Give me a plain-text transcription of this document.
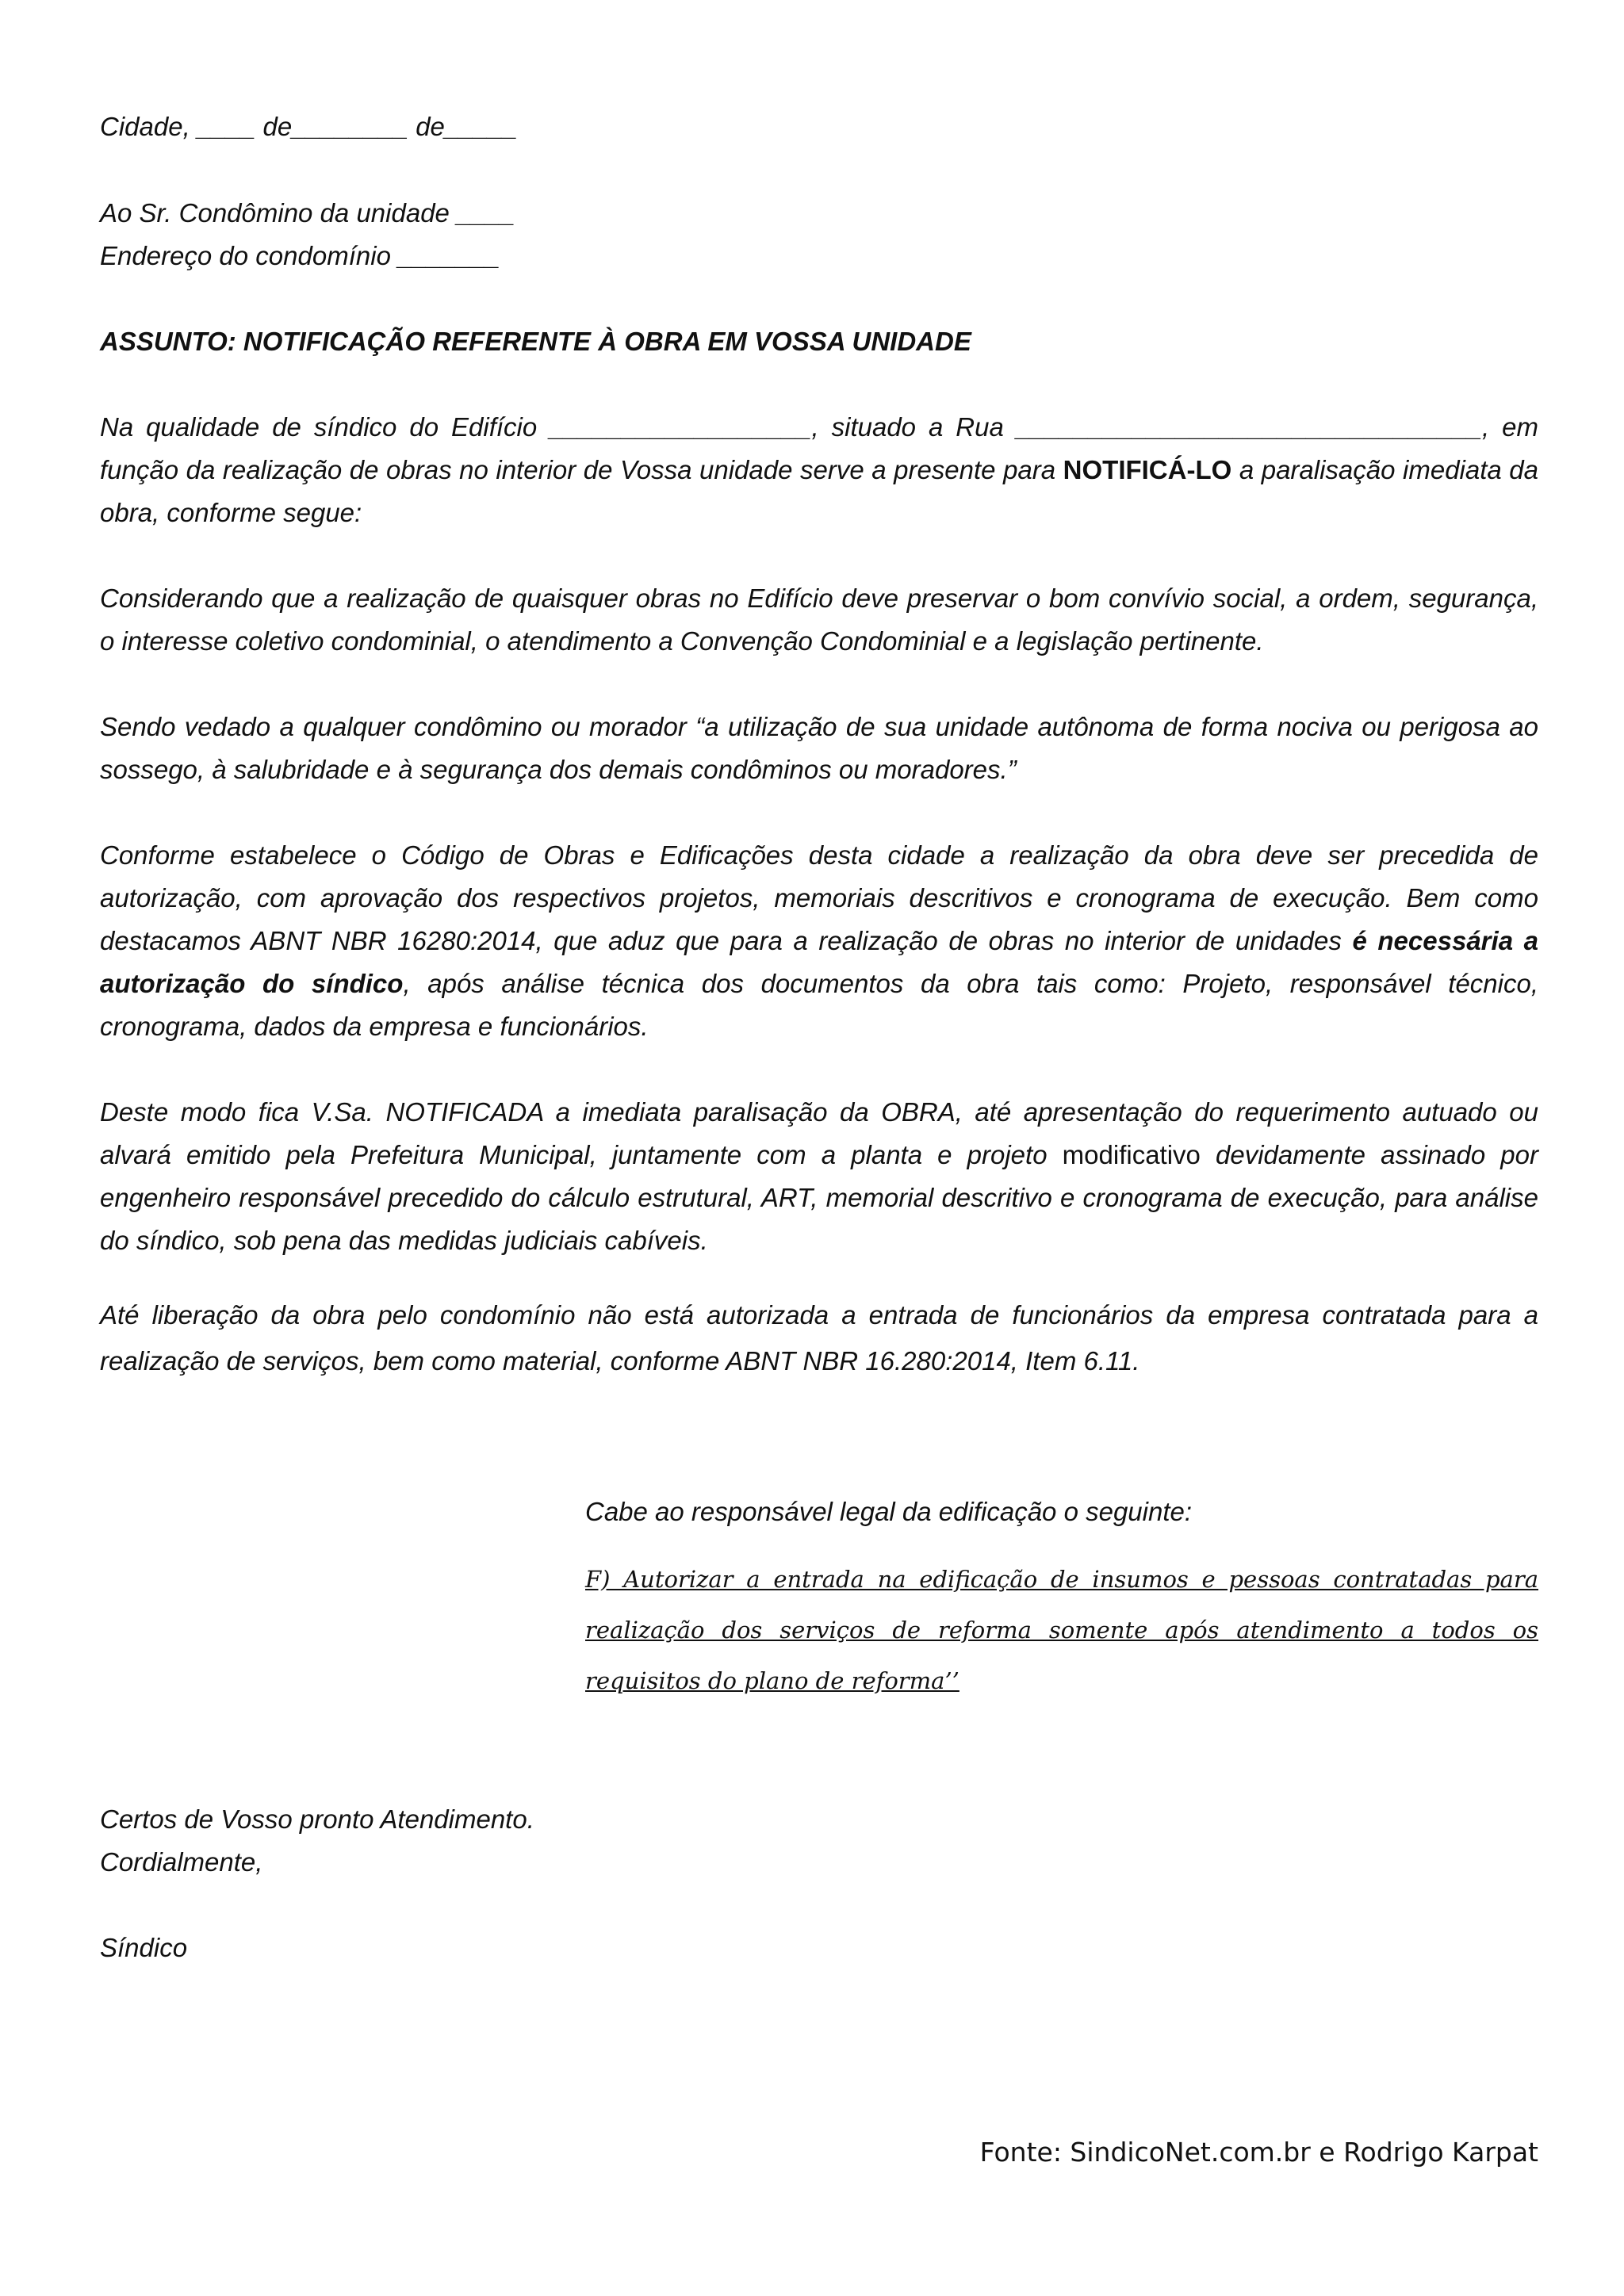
Cidade, ____ de________ de_____

Ao Sr. Condômino da unidade ____

Endereço do condomínio _______

ASSUNTO: NOTIFICAÇÃO REFERENTE À OBRA EM VOSSA UNIDADE

Na qualidade de síndico do Edifício __________________, situado a Rua ________________________________, em função da realização de obras no interior de Vossa unidade serve a presente para NOTIFICÁ-LO a paralisação imediata da obra, conforme segue:

Considerando que a realização de quaisquer obras no Edifício deve preservar o bom convívio social, a ordem, segurança, o interesse coletivo condominial, o atendimento a Convenção Condominial e a legislação pertinente.

Sendo vedado a qualquer condômino ou morador “a utilização de sua unidade autônoma de forma nociva ou perigosa ao sossego, à salubridade e à segurança dos demais condôminos ou moradores.”

Conforme estabelece o Código de Obras e Edificações desta cidade a realização da obra deve ser precedida de autorização, com aprovação dos respectivos projetos, memoriais descritivos e cronograma de execução. Bem como destacamos ABNT NBR 16280:2014, que aduz que para a realização de obras no interior de unidades é necessária a autorização do síndico, após análise técnica dos documentos da obra tais como: Projeto, responsável técnico, cronograma, dados da empresa e funcionários.

Deste modo fica V.Sa. NOTIFICADA a imediata paralisação da OBRA, até apresentação do requerimento autuado ou alvará emitido pela Prefeitura Municipal, juntamente com a planta e projeto modificativo devidamente assinado por engenheiro responsável precedido do cálculo estrutural, ART, memorial descritivo e cronograma de execução, para análise do síndico, sob pena das medidas judiciais cabíveis.

Até liberação da obra pelo condomínio não está autorizada a entrada de funcionários da empresa contratada para a realização de serviços, bem como material, conforme ABNT NBR 16.280:2014, Item 6.11.

Cabe ao responsável legal da edificação o seguinte:

F) Autorizar a entrada na edificação de insumos e pessoas contratadas para realização dos serviços de reforma somente após atendimento a todos os requisitos do plano de reforma’’

Certos de Vosso pronto Atendimento.

Cordialmente,

Síndico

Fonte: SindicoNet.com.br e Rodrigo Karpat
